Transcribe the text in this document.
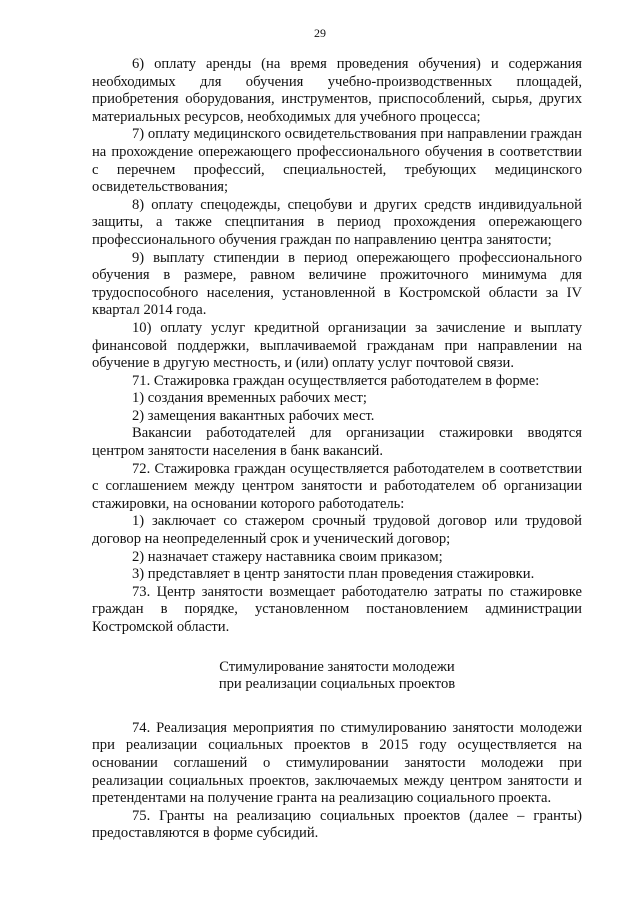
29

6) оплату аренды (на время проведения обучения) и содержания необходимых для обучения учебно-производственных площадей, приобретения оборудования, инструментов, приспособлений, сырья, других материальных ресурсов, необходимых для учебного процесса;

7) оплату медицинского освидетельствования при направлении граждан на прохождение опережающего профессионального обучения в соответствии с перечнем профессий, специальностей, требующих медицинского освидетельствования;

8) оплату спецодежды, спецобуви и других средств индивидуальной защиты, а также спецпитания в период прохождения опережающего профессионального обучения граждан по направлению центра занятости;

9) выплату стипендии в период опережающего профессионального обучения в размере, равном величине прожиточного минимума для трудоспособного населения, установленной в Костромской области за IV квартал 2014 года.

10) оплату услуг кредитной организации за зачисление и выплату финансовой поддержки, выплачиваемой гражданам при направлении на обучение в другую местность, и (или) оплату услуг почтовой связи.

71. Стажировка граждан осуществляется работодателем в форме:

1) создания временных рабочих мест;

2) замещения вакантных рабочих мест.

Вакансии работодателей для организации стажировки вводятся центром занятости населения в банк вакансий.

72. Стажировка граждан осуществляется работодателем в соответствии с соглашением между центром занятости и работодателем об организации стажировки, на основании которого работодатель:

1) заключает со стажером срочный трудовой договор или трудовой договор на неопределенный срок и ученический договор;

2) назначает стажеру наставника своим приказом;

3) представляет в центр занятости план проведения стажировки.

73. Центр занятости возмещает работодателю затраты по стажировке граждан в порядке, установленном постановлением администрации Костромской области.

Стимулирование занятости молодежи
при реализации социальных проектов

74. Реализация мероприятия по стимулированию занятости молодежи при реализации социальных проектов в 2015 году осуществляется на основании соглашений о стимулировании занятости молодежи при реализации социальных проектов, заключаемых между центром занятости и претендентами на получение гранта на реализацию социального проекта.

75. Гранты на реализацию социальных проектов (далее – гранты) предоставляются в форме субсидий.
